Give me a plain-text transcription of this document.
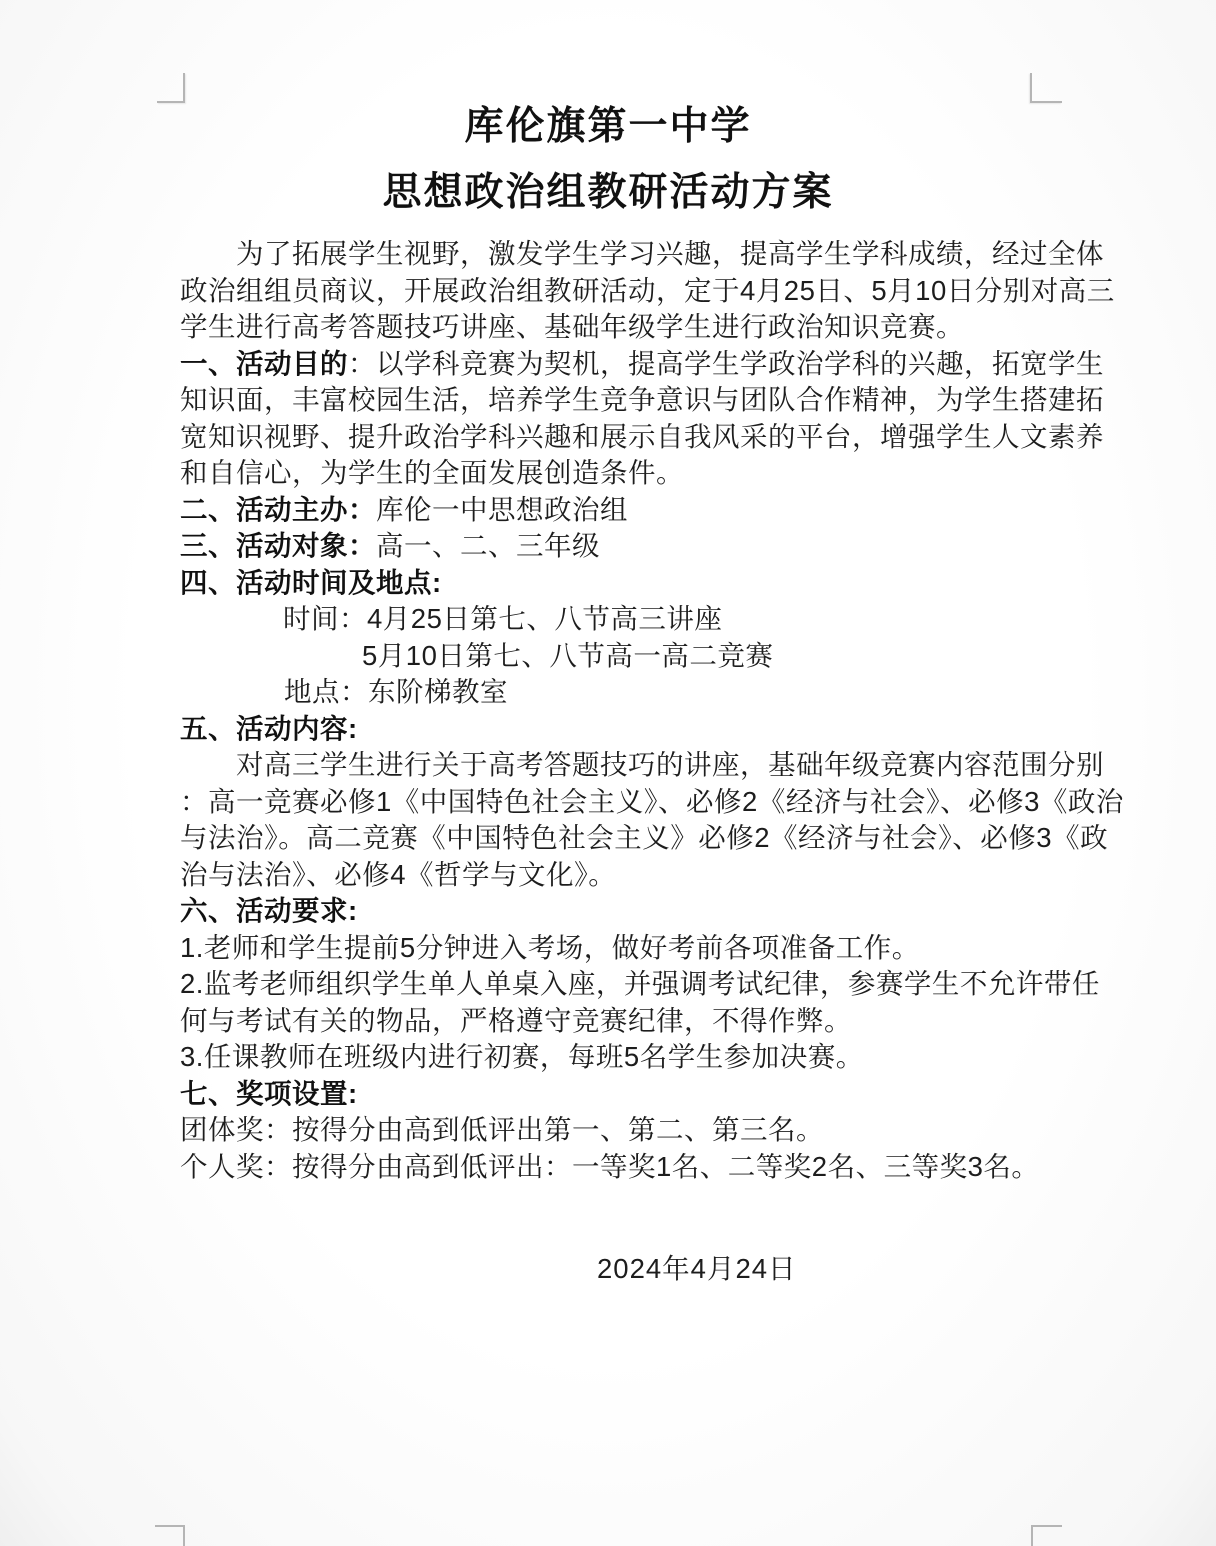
库伦旗第一中学
思想政治组教研活动方案
为了拓展学生视野，激发学生学习兴趣，提高学生学科成绩，经过全体
政治组组员商议，开展政治组教研活动，定于4月25日、5月10日分别对高三
学生进行高考答题技巧讲座、基础年级学生进行政治知识竞赛。
一、活动目的：以学科竞赛为契机，提高学生学政治学科的兴趣，拓宽学生
知识面，丰富校园生活，培养学生竞争意识与团队合作精神，为学生搭建拓
宽知识视野、提升政治学科兴趣和展示自我风采的平台，增强学生人文素养
和自信心，为学生的全面发展创造条件。
二、活动主办：库伦一中思想政治组
三、活动对象：高一、二、三年级
四、活动时间及地点:
时间：4月25日第七、八节高三讲座
5月10日第七、八节高一高二竞赛
地点：东阶梯教室
五、活动内容:
对高三学生进行关于高考答题技巧的讲座，基础年级竞赛内容范围分别
：高一竞赛必修1《中国特色社会主义》、必修2《经济与社会》、必修3《政治
与法治》。高二竞赛《中国特色社会主义》必修2《经济与社会》、必修3《政
治与法治》、必修4《哲学与文化》。
六、活动要求:
1.老师和学生提前5分钟进入考场，做好考前各项准备工作。
2.监考老师组织学生单人单桌入座，并强调考试纪律，参赛学生不允许带任
何与考试有关的物品，严格遵守竞赛纪律，不得作弊。
3.任课教师在班级内进行初赛，每班5名学生参加决赛。
七、奖项设置:
团体奖：按得分由高到低评出第一、第二、第三名。
个人奖：按得分由高到低评出：一等奖1名、二等奖2名、三等奖3名。
2024年4月24日
